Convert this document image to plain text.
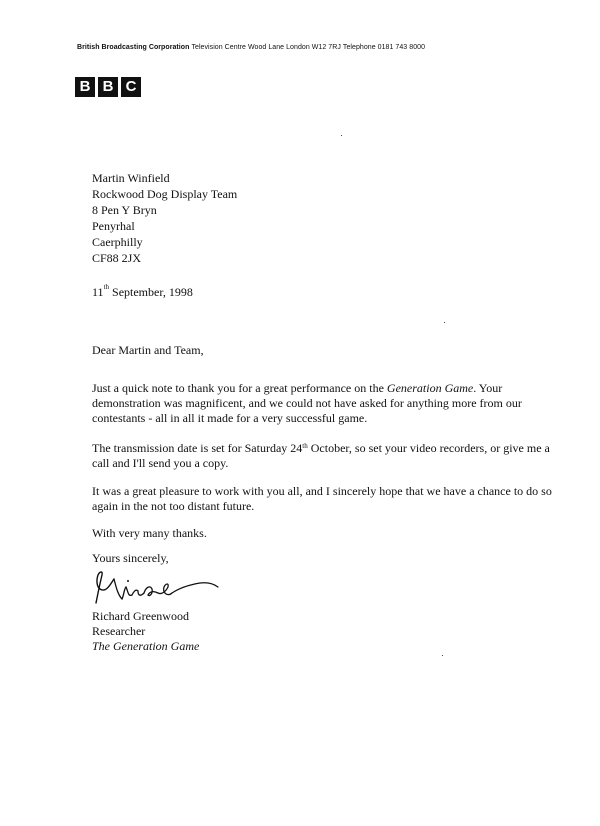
British Broadcasting Corporation Television Centre Wood Lane London W12 7RJ Telephone 0181 743 8000
B B C
Martin Winfield
Rockwood Dog Display Team
8 Pen Y Bryn
Penyrhal
Caerphilly
CF88 2JX
11th September, 1998
Dear Martin and Team,
Just a quick note to thank you for a great performance on the Generation Game. Your demonstration was magnificent, and we could not have asked for anything more from our contestants - all in all it made for a very successful game.
The transmission date is set for Saturday 24th October, so set your video recorders, or give me a call and I'll send you a copy.
It was a great pleasure to work with you all, and I sincerely hope that we have a chance to do so again in the not too distant future.
With very many thanks.
Yours sincerely,
Richard Greenwood
Researcher
The Generation Game
